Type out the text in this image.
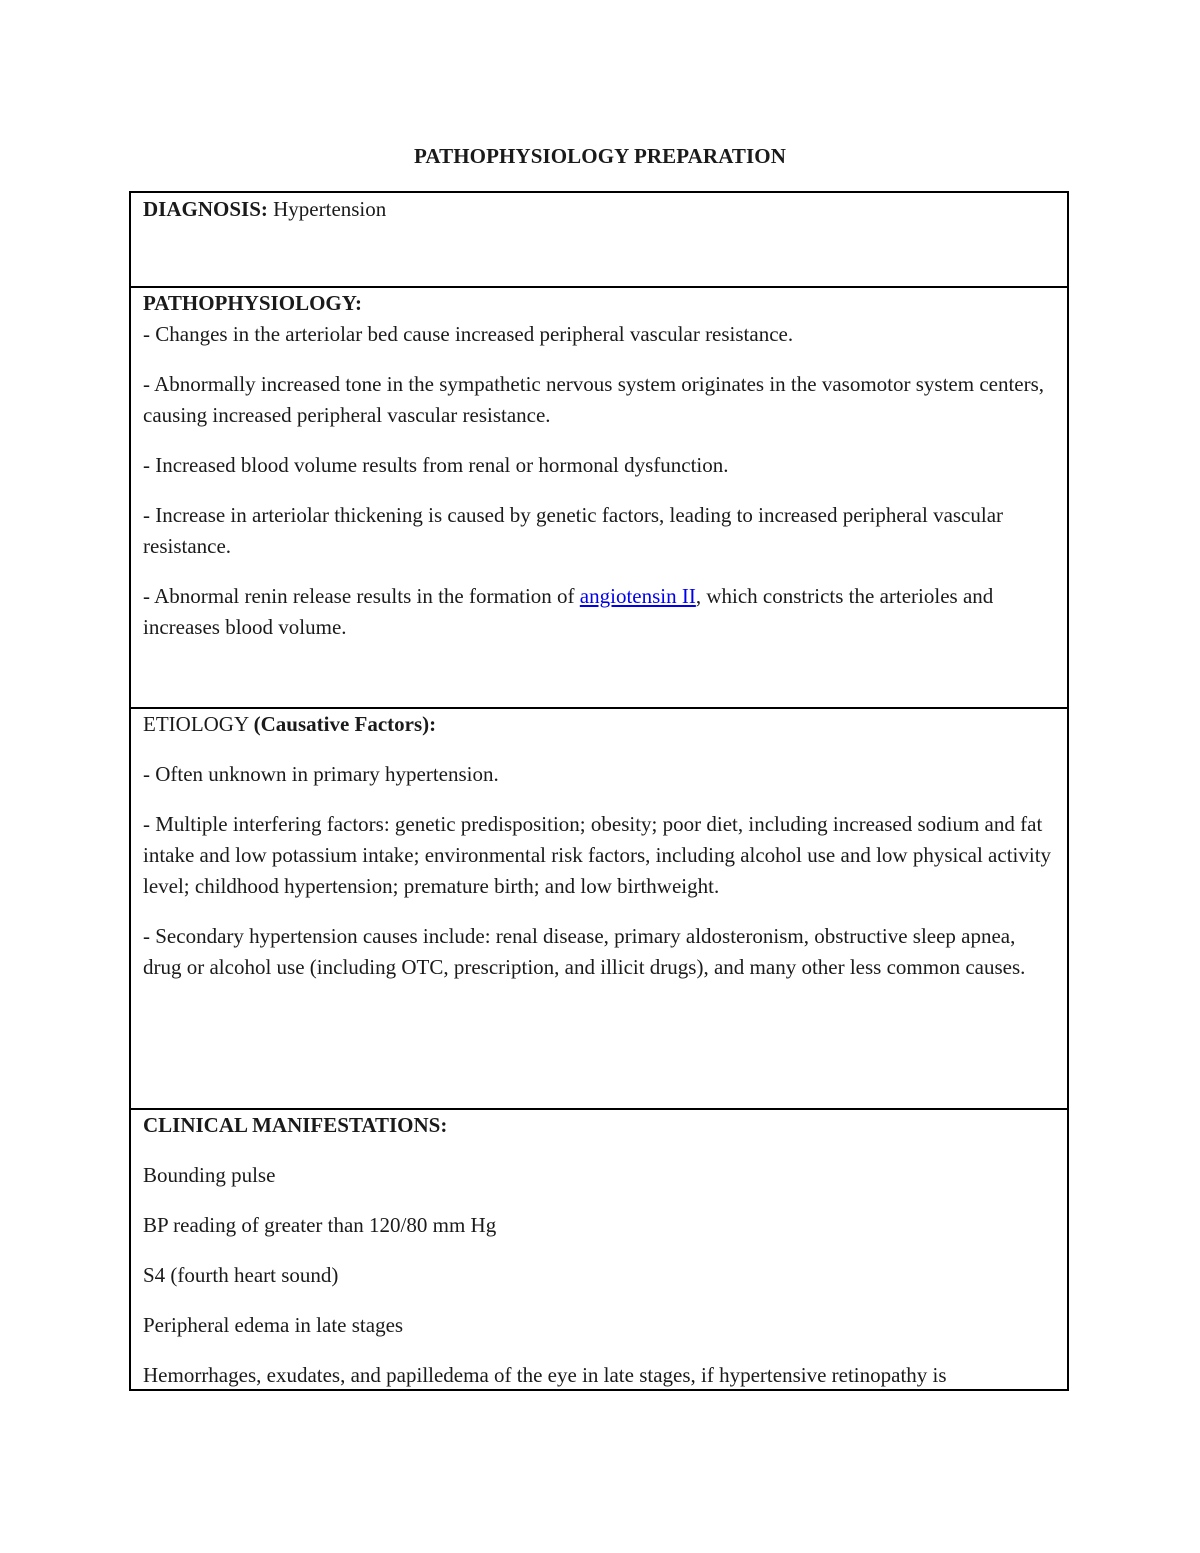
PATHOPHYSIOLOGY PREPARATION
DIAGNOSIS: Hypertension
PATHOPHYSIOLOGY:

- Changes in the arteriolar bed cause increased peripheral vascular resistance.

- Abnormally increased tone in the sympathetic nervous system originates in the vasomotor system centers, causing increased peripheral vascular resistance.

- Increased blood volume results from renal or hormonal dysfunction.

- Increase in arteriolar thickening is caused by genetic factors, leading to increased peripheral vascular resistance.

- Abnormal renin release results in the formation of angiotensin II, which constricts the arterioles and increases blood volume.

ETIOLOGY (Causative Factors):

- Often unknown in primary hypertension.

- Multiple interfering factors: genetic predisposition; obesity; poor diet, including increased sodium and fat intake and low potassium intake; environmental risk factors, including alcohol use and low physical activity level; childhood hypertension; premature birth; and low birthweight.

- Secondary hypertension causes include: renal disease, primary aldosteronism, obstructive sleep apnea, drug or alcohol use (including OTC, prescription, and illicit drugs), and many other less common causes.

CLINICAL MANIFESTATIONS:

Bounding pulse

BP reading of greater than 120/80 mm Hg

S4 (fourth heart sound)

Peripheral edema in late stages

Hemorrhages, exudates, and papilledema of the eye in late stages, if hypertensive retinopathy is
